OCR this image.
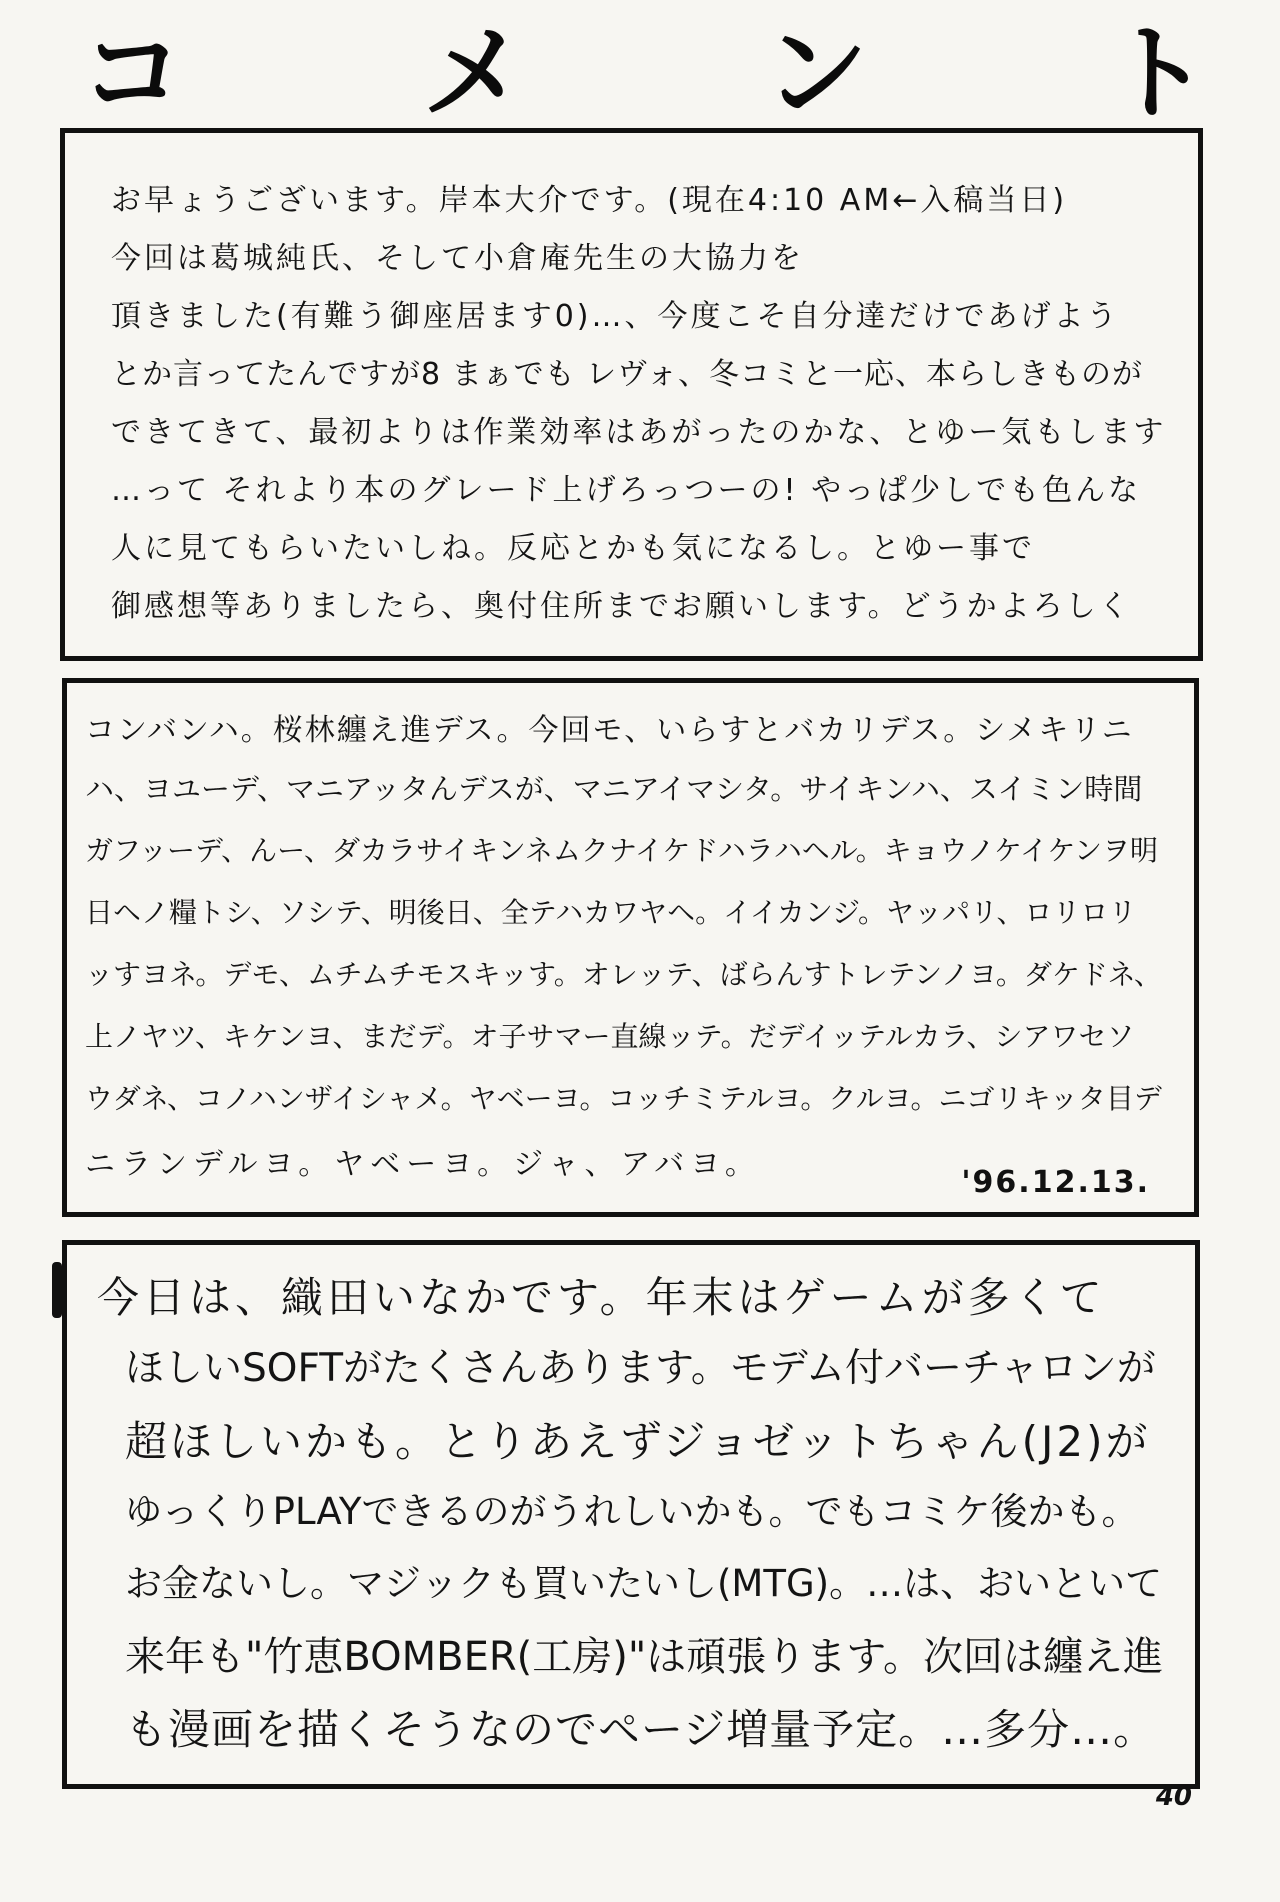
コ メ ン ト
お早ょうございます。岸本大介です。(現在4:10 AM←入稿当日)
今回は葛城純氏、そして小倉庵先生の大協力を
頂きました(有難う御座居ます0)…、今度こそ自分達だけであげよう
とか言ってたんですが8 まぁでも レヴォ、冬コミと一応、本らしきものが
できてきて、最初よりは作業効率はあがったのかな、とゆー気もします
…って それより本のグレード上げろっつーの! やっぱ少しでも色んな
人に見てもらいたいしね。反応とかも気になるし。とゆー事で
御感想等ありましたら、奥付住所までお願いします。どうかよろしく
コンバンハ。桜林纏え進デス。今回モ、いらすとバカリデス。シメキリニ
ハ、ヨユーデ、マニアッタんデスが、マニアイマシタ。サイキンハ、スイミン時間
ガフッーデ、んー、ダカラサイキンネムクナイケドハラハヘル。キョウノケイケンヲ明
日ヘノ糧トシ、ソシテ、明後日、全テハカワヤヘ。イイカンジ。ヤッパリ、ロリロリ
ッすヨネ。デモ、ムチムチモスキッす。オレッテ、ばらんすトレテンノヨ。ダケドネ、
上ノヤツ、キケンヨ、まだデ。オ子サマー直線ッテ。だデイッテルカラ、シアワセソ
ウダネ、コノハンザイシャメ。ヤベーヨ。コッチミテルヨ。クルヨ。ニゴリキッタ目デ
ニランデルヨ。ヤベーヨ。ジャ、アバヨ。
'96.12.13.
今日は、織田いなかです。年末はゲームが多くて
ほしいSOFTがたくさんあります。モデム付バーチャロンが
超ほしいかも。とりあえずジョゼットちゃん(J2)が
ゆっくりPLAYできるのがうれしいかも。でもコミケ後かも。
お金ないし。マジックも買いたいし(MTG)。…は、おいといて
来年も"竹恵BOMBER(工房)"は頑張ります。次回は纏え進
も漫画を描くそうなのでページ増量予定。…多分…。
40
